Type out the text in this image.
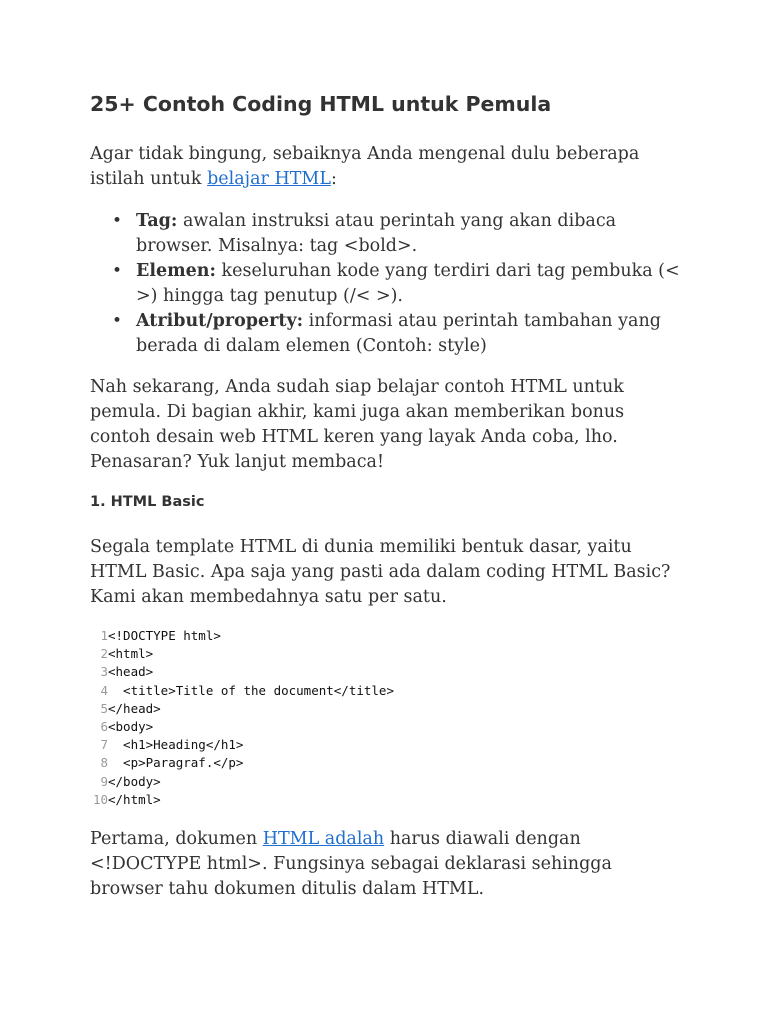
25+ Contoh Coding HTML untuk Pemula

Agar tidak bingung, sebaiknya Anda mengenal dulu beberapa istilah untuk belajar HTML:

• Tag: awalan instruksi atau perintah yang akan dibaca browser. Misalnya: tag <bold>.
• Elemen: keseluruhan kode yang terdiri dari tag pembuka (< >) hingga tag penutup (/< >).
• Atribut/property: informasi atau perintah tambahan yang berada di dalam elemen (Contoh: style)

Nah sekarang, Anda sudah siap belajar contoh HTML untuk pemula. Di bagian akhir, kami juga akan memberikan bonus contoh desain web HTML keren yang layak Anda coba, lho. Penasaran? Yuk lanjut membaca!

1. HTML Basic

Segala template HTML di dunia memiliki bentuk dasar, yaitu HTML Basic. Apa saja yang pasti ada dalam coding HTML Basic? Kami akan membedahnya satu per satu.

1 <!DOCTYPE html>
2 <html>
3 <head>
4 <title>Title of the document</title>
5 </head>
6 <body>
7 <h1>Heading</h1>
8 <p>Paragraf.</p>
9 </body>
10 </html>

Pertama, dokumen HTML adalah harus diawali dengan <!DOCTYPE html>. Fungsinya sebagai deklarasi sehingga browser tahu dokumen ditulis dalam HTML.
